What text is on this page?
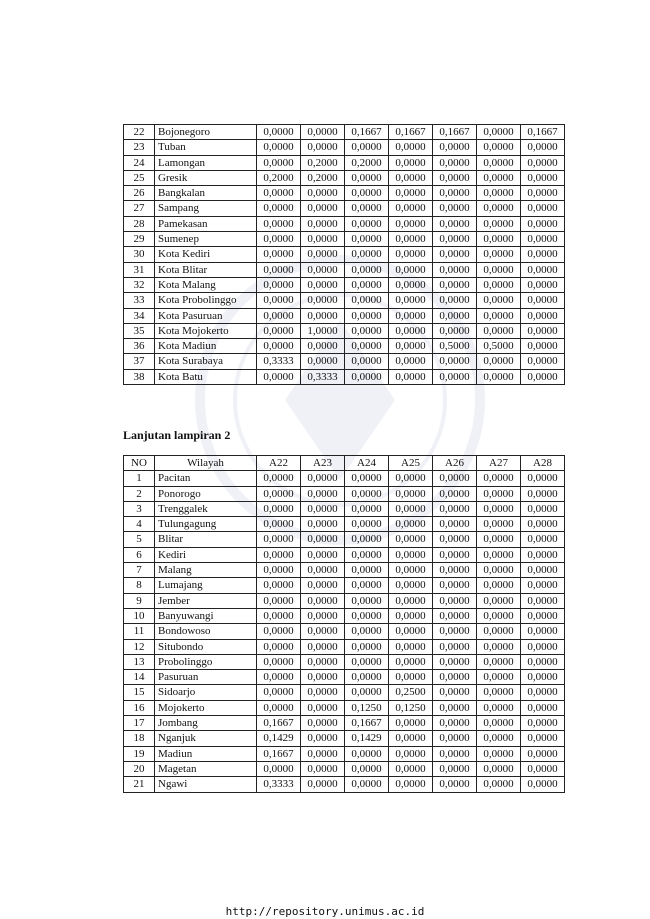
22	Bojonegoro	0,0000	0,0000	0,1667	0,1667	0,1667	0,0000	0,1667
23	Tuban	0,0000	0,0000	0,0000	0,0000	0,0000	0,0000	0,0000
24	Lamongan	0,0000	0,2000	0,2000	0,0000	0,0000	0,0000	0,0000
25	Gresik	0,2000	0,2000	0,0000	0,0000	0,0000	0,0000	0,0000
26	Bangkalan	0,0000	0,0000	0,0000	0,0000	0,0000	0,0000	0,0000
27	Sampang	0,0000	0,0000	0,0000	0,0000	0,0000	0,0000	0,0000
28	Pamekasan	0,0000	0,0000	0,0000	0,0000	0,0000	0,0000	0,0000
29	Sumenep	0,0000	0,0000	0,0000	0,0000	0,0000	0,0000	0,0000
30	Kota Kediri	0,0000	0,0000	0,0000	0,0000	0,0000	0,0000	0,0000
31	Kota Blitar	0,0000	0,0000	0,0000	0,0000	0,0000	0,0000	0,0000
32	Kota Malang	0,0000	0,0000	0,0000	0,0000	0,0000	0,0000	0,0000
33	Kota Probolinggo	0,0000	0,0000	0,0000	0,0000	0,0000	0,0000	0,0000
34	Kota Pasuruan	0,0000	0,0000	0,0000	0,0000	0,0000	0,0000	0,0000
35	Kota Mojokerto	0,0000	1,0000	0,0000	0,0000	0,0000	0,0000	0,0000
36	Kota Madiun	0,0000	0,0000	0,0000	0,0000	0,5000	0,5000	0,0000
37	Kota Surabaya	0,3333	0,0000	0,0000	0,0000	0,0000	0,0000	0,0000
38	Kota Batu	0,0000	0,3333	0,0000	0,0000	0,0000	0,0000	0,0000
Lanjutan lampiran 2
NO	Wilayah	A22	A23	A24	A25	A26	A27	A28
1	Pacitan	0,0000	0,0000	0,0000	0,0000	0,0000	0,0000	0,0000
2	Ponorogo	0,0000	0,0000	0,0000	0,0000	0,0000	0,0000	0,0000
3	Trenggalek	0,0000	0,0000	0,0000	0,0000	0,0000	0,0000	0,0000
4	Tulungagung	0,0000	0,0000	0,0000	0,0000	0,0000	0,0000	0,0000
5	Blitar	0,0000	0,0000	0,0000	0,0000	0,0000	0,0000	0,0000
6	Kediri	0,0000	0,0000	0,0000	0,0000	0,0000	0,0000	0,0000
7	Malang	0,0000	0,0000	0,0000	0,0000	0,0000	0,0000	0,0000
8	Lumajang	0,0000	0,0000	0,0000	0,0000	0,0000	0,0000	0,0000
9	Jember	0,0000	0,0000	0,0000	0,0000	0,0000	0,0000	0,0000
10	Banyuwangi	0,0000	0,0000	0,0000	0,0000	0,0000	0,0000	0,0000
11	Bondowoso	0,0000	0,0000	0,0000	0,0000	0,0000	0,0000	0,0000
12	Situbondo	0,0000	0,0000	0,0000	0,0000	0,0000	0,0000	0,0000
13	Probolinggo	0,0000	0,0000	0,0000	0,0000	0,0000	0,0000	0,0000
14	Pasuruan	0,0000	0,0000	0,0000	0,0000	0,0000	0,0000	0,0000
15	Sidoarjo	0,0000	0,0000	0,0000	0,2500	0,0000	0,0000	0,0000
16	Mojokerto	0,0000	0,0000	0,1250	0,1250	0,0000	0,0000	0,0000
17	Jombang	0,1667	0,0000	0,1667	0,0000	0,0000	0,0000	0,0000
18	Nganjuk	0,1429	0,0000	0,1429	0,0000	0,0000	0,0000	0,0000
19	Madiun	0,1667	0,0000	0,0000	0,0000	0,0000	0,0000	0,0000
20	Magetan	0,0000	0,0000	0,0000	0,0000	0,0000	0,0000	0,0000
21	Ngawi	0,3333	0,0000	0,0000	0,0000	0,0000	0,0000	0,0000
http://repository.unimus.ac.id
